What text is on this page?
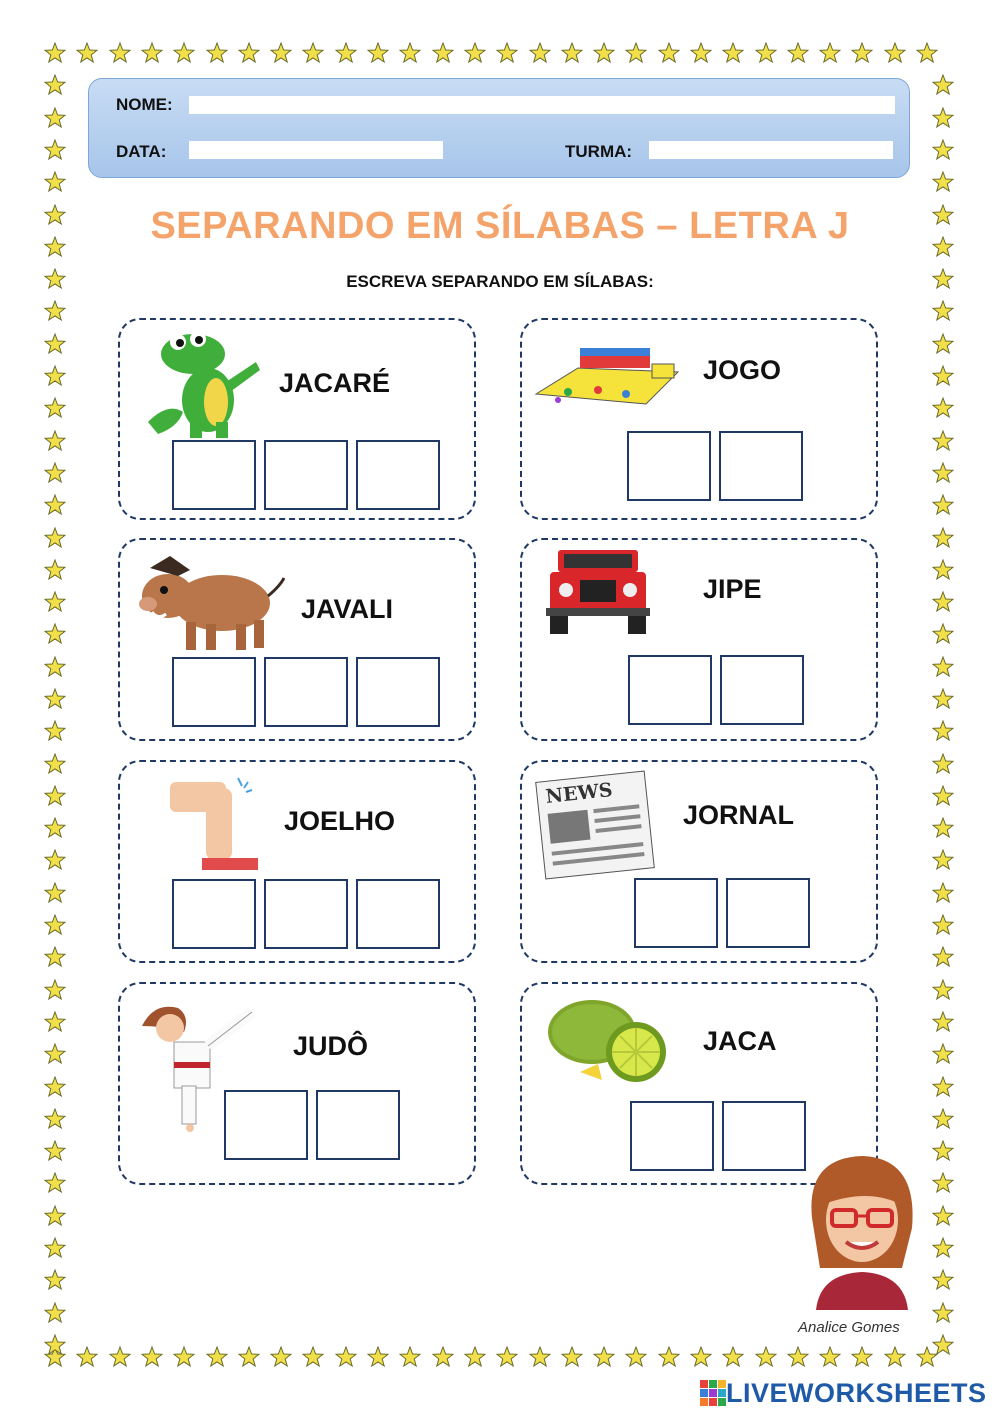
NOME:
DATA:	TURMA:
SEPARANDO EM SÍLABAS – LETRA J
ESCREVA SEPARANDO EM SÍLABAS:
JACARÉ	JOGO
JAVALI
JIPE
JOELHO
NEWS
JORNAL
JUDÔ	JACA
Analice Gomes
LIVEWORKSHEETS
